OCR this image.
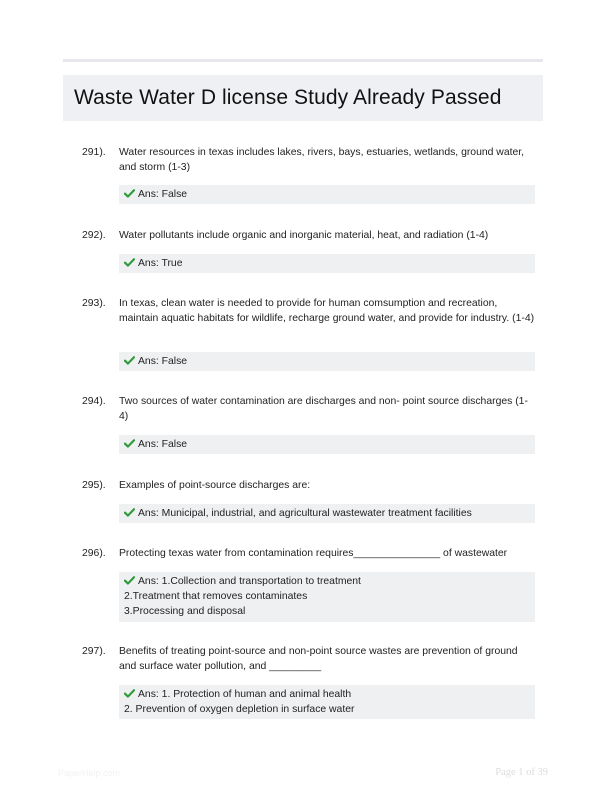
Waste Water D license Study Already Passed
291). Water resources in texas includes lakes, rivers, bays, estuaries, wetlands, ground water, and storm (1-3)
Ans: False
292). Water pollutants include organic and inorganic material, heat, and radiation (1-4)
Ans: True
293). In texas, clean water is needed to provide for human comsumption and recreation, maintain aquatic habitats for wildlife, recharge ground water, and provide for industry. (1-4)
Ans: False
294). Two sources of water contamination are discharges and non- point source discharges (1-4)
Ans: False
295). Examples of point-source discharges are:
Ans: Municipal, industrial, and agricultural wastewater treatment facilities
296). Protecting texas water from contamination requires_______________ of wastewater
Ans: 1.Collection and transportation to treatment
2.Treatment that removes contaminates
3.Processing and disposal
297). Benefits of treating point-source and non-point source wastes are prevention of ground and surface water pollution, and _________
Ans: 1. Protection of human and animal health
2. Prevention of oxygen depletion in surface water
PaperHelp.com	Page 1 of 39
